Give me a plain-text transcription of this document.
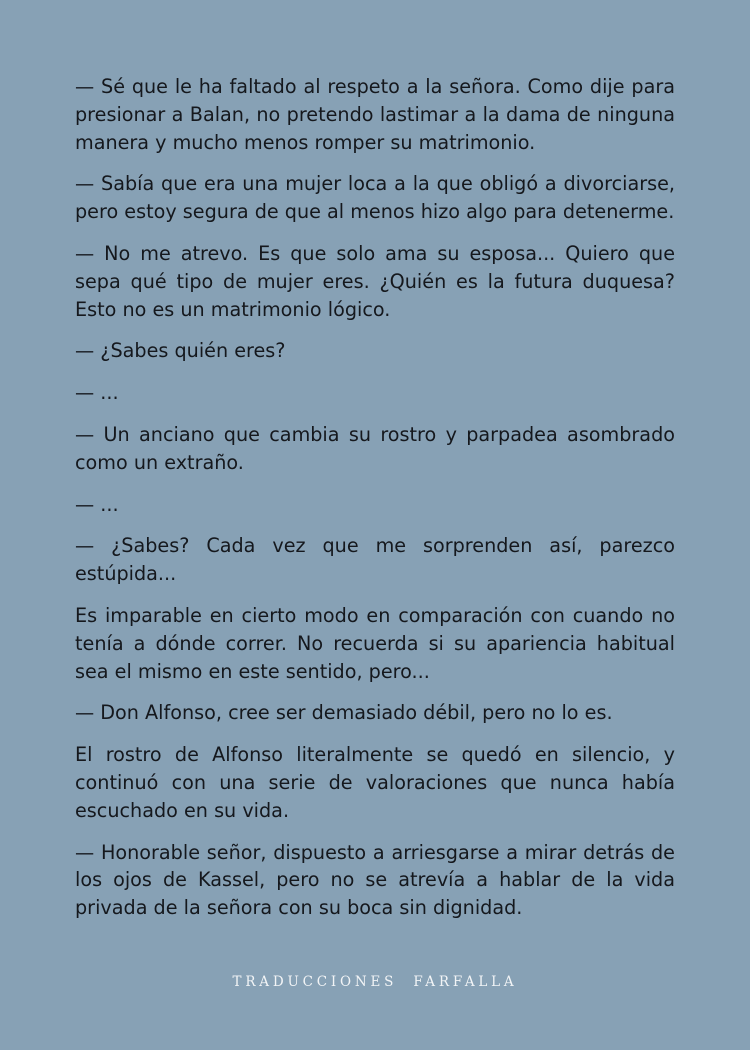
— Sé que le ha faltado al respeto a la señora. Como dije para presionar a Balan, no pretendo lastimar a la dama de ninguna manera y mucho menos romper su matrimonio.

— Sabía que era una mujer loca a la que obligó a divorciarse, pero estoy segura de que al menos hizo algo para detenerme.

— No me atrevo. Es que solo ama su esposa... Quiero que sepa qué tipo de mujer eres. ¿Quién es la futura duquesa? Esto no es un matrimonio lógico.

— ¿Sabes quién eres?

— ...

— Un anciano que cambia su rostro y parpadea asombrado como un extraño.

— ...

— ¿Sabes? Cada vez que me sorprenden así, parezco estúpida...

Es imparable en cierto modo en comparación con cuando no tenía a dónde correr. No recuerda si su apariencia habitual sea el mismo en este sentido, pero...

— Don Alfonso, cree ser demasiado débil, pero no lo es.

El rostro de Alfonso literalmente se quedó en silencio, y continuó con una serie de valoraciones que nunca había escuchado en su vida.

— Honorable señor, dispuesto a arriesgarse a mirar detrás de los ojos de Kassel, pero no se atrevía a hablar de la vida privada de la señora con su boca sin dignidad.

TRADUCCIONES FARFALLA
